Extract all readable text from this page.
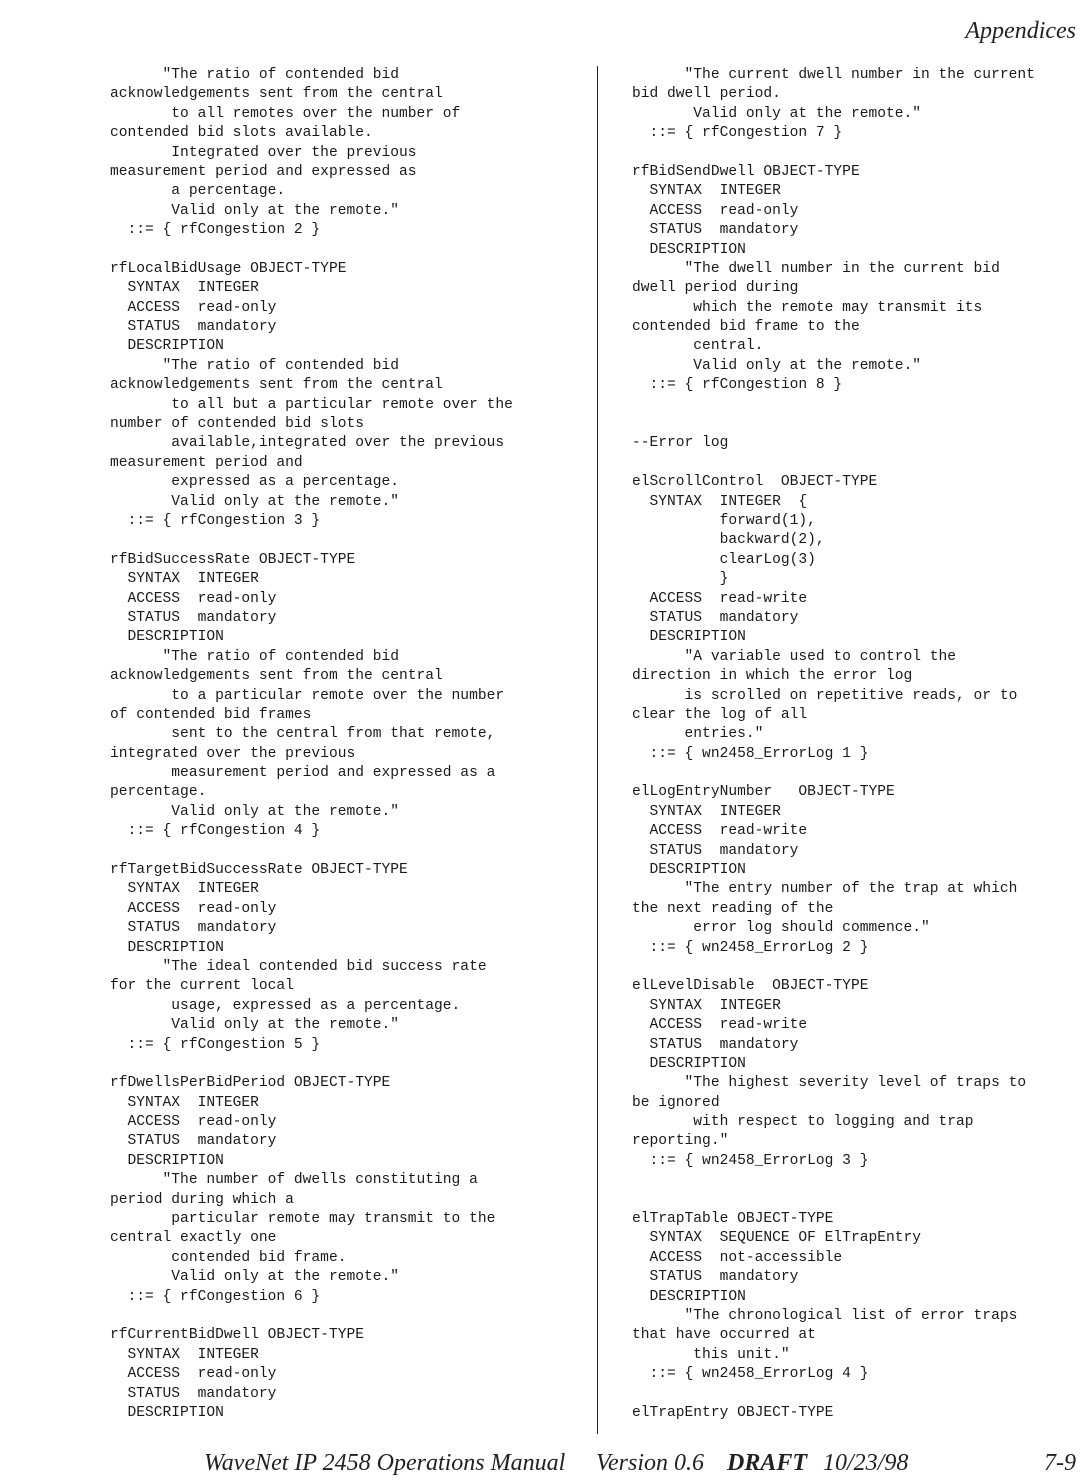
Appendices
"The ratio of contended bid
acknowledgements sent from the central
to all remotes over the number of
contended bid slots available.
Integrated over the previous
measurement period and expressed as
a percentage.
Valid only at the remote."
::= { rfCongestion 2 }
rfLocalBidUsage OBJECT-TYPE
SYNTAX  INTEGER
ACCESS  read-only
STATUS  mandatory
DESCRIPTION
"The ratio of contended bid
acknowledgements sent from the central
to all but a particular remote over the
number of contended bid slots
available,integrated over the previous
measurement period and
expressed as a percentage.
Valid only at the remote."
::= { rfCongestion 3 }
rfBidSuccessRate OBJECT-TYPE
SYNTAX  INTEGER
ACCESS  read-only
STATUS  mandatory
DESCRIPTION
"The ratio of contended bid
acknowledgements sent from the central
to a particular remote over the number
of contended bid frames
sent to the central from that remote,
integrated over the previous
measurement period and expressed as a
percentage.
Valid only at the remote."
::= { rfCongestion 4 }
rfTargetBidSuccessRate OBJECT-TYPE
SYNTAX  INTEGER
ACCESS  read-only
STATUS  mandatory
DESCRIPTION
"The ideal contended bid success rate
for the current local
usage, expressed as a percentage.
Valid only at the remote."
::= { rfCongestion 5 }
rfDwellsPerBidPeriod OBJECT-TYPE
SYNTAX  INTEGER
ACCESS  read-only
STATUS  mandatory
DESCRIPTION
"The number of dwells constituting a
period during which a
particular remote may transmit to the
central exactly one
contended bid frame.
Valid only at the remote."
::= { rfCongestion 6 }
rfCurrentBidDwell OBJECT-TYPE
SYNTAX  INTEGER
ACCESS  read-only
STATUS  mandatory
DESCRIPTION
"The current dwell number in the current
bid dwell period.
Valid only at the remote."
::= { rfCongestion 7 }
rfBidSendDwell OBJECT-TYPE
SYNTAX  INTEGER
ACCESS  read-only
STATUS  mandatory
DESCRIPTION
"The dwell number in the current bid
dwell period during
which the remote may transmit its
contended bid frame to the
central.
Valid only at the remote."
::= { rfCongestion 8 }
--Error log
elScrollControl  OBJECT-TYPE
SYNTAX  INTEGER  {
forward(1),
backward(2),
clearLog(3)
}
ACCESS  read-write
STATUS  mandatory
DESCRIPTION
"A variable used to control the
direction in which the error log
is scrolled on repetitive reads, or to
clear the log of all
entries."
::= { wn2458_ErrorLog 1 }
elLogEntryNumber   OBJECT-TYPE
SYNTAX  INTEGER
ACCESS  read-write
STATUS  mandatory
DESCRIPTION
"The entry number of the trap at which
the next reading of the
error log should commence."
::= { wn2458_ErrorLog 2 }
elLevelDisable  OBJECT-TYPE
SYNTAX  INTEGER
ACCESS  read-write
STATUS  mandatory
DESCRIPTION
"The highest severity level of traps to
be ignored
with respect to logging and trap
reporting."
::= { wn2458_ErrorLog 3 }
elTrapTable OBJECT-TYPE
SYNTAX  SEQUENCE OF ElTrapEntry
ACCESS  not-accessible
STATUS  mandatory
DESCRIPTION
"The chronological list of error traps
that have occurred at
this unit."
::= { wn2458_ErrorLog 4 }
elTrapEntry OBJECT-TYPE
WaveNet IP 2458 Operations Manual Version 0.6 DRAFT 10/23/98	7-9
